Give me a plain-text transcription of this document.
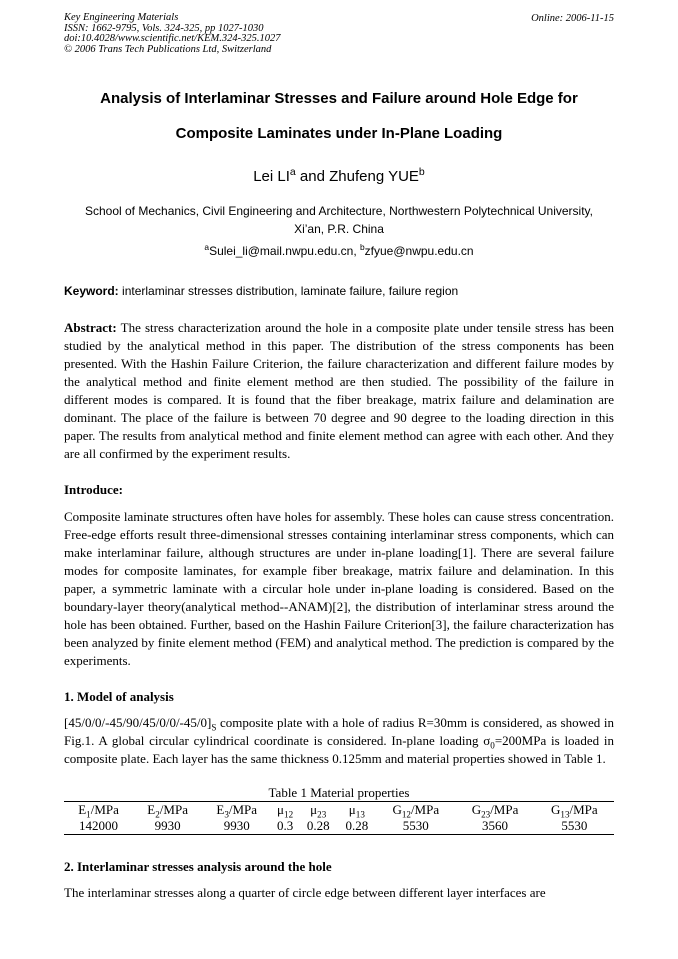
Key Engineering Materials
ISSN: 1662-9795, Vols. 324-325, pp 1027-1030
doi:10.4028/www.scientific.net/KEM.324-325.1027
© 2006 Trans Tech Publications Ltd, Switzerland
Online: 2006-11-15
Analysis of Interlaminar Stresses and Failure around Hole Edge for
Composite Laminates under In-Plane Loading
Lei $LI^a$ and Zhufeng YUE$^b$
School of Mechanics, Civil Engineering and Architecture, Northwestern Polytechnical University,
Xi’an, P.R. China
$^a$Sulei_li@mail.nwpu.edu.cn, $^b$zfyue@nwpu.edu.cn
Keyword: interlaminar stresses distribution, laminate failure, failure region
Abstract: The stress characterization around the hole in a composite plate under tensile stress has been studied by the analytical method in this paper. The distribution of the stress components has been presented. With the Hashin Failure Criterion, the failure characterization and different failure modes by the analytical method and finite element method are then studied. The possibility of the failure in different modes is compared. It is found that the fiber breakage, matrix failure and delamination are dominant. The place of the failure is between 70 degree and 90 degree to the loading direction in this paper. The results from analytical method and finite element method can agree with each other. And they are all confirmed by the experiment results.
Introduce:
Composite laminate structures often have holes for assembly. These holes can cause stress concentration. Free-edge efforts result three-dimensional stresses containing interlaminar stress components, which can make interlaminar failure, although structures are under in-plane loading[1]. There are several failure modes for composite laminates, for example fiber breakage, matrix failure and delamination. In this paper, a symmetric laminate with a circular hole under in-plane loading is considered. Based on the boundary-layer theory(analytical method--ANAM)[2], the distribution of interlaminar stress around the hole has been obtained. Further, based on the Hashin Failure Criterion[3], the failure characterization has been analyzed by finite element method (FEM) and analytical method. The prediction is compared by the experiments.
1. Model of analysis
$[45/0/0/-45/90/45/0/0/-45/0]_S$ composite plate with a hole of radius R=30mm is considered, as showed in Fig.1. A global circular cylindrical coordinate is considered. In-plane loading $\sigma_0=200MPa$ is loaded in composite plate. Each layer has the same thickness 0.125mm and material properties showed in Table 1.
Table 1 Material properties
$E_1$/MPa	$E_2$/MPa	$E_3$/MPa	$\mu_{12}$	$\mu_{23}$	$\mu_{13}$	$G_{12}$/MPa	$G_{23}$/MPa	$G_{13}$/MPa
142000	9930	9930	0.3	0.28	0.28	5530	3560	5530
2. Interlaminar stresses analysis around the hole
The interlaminar stresses along a quarter of circle edge between different layer interfaces are
